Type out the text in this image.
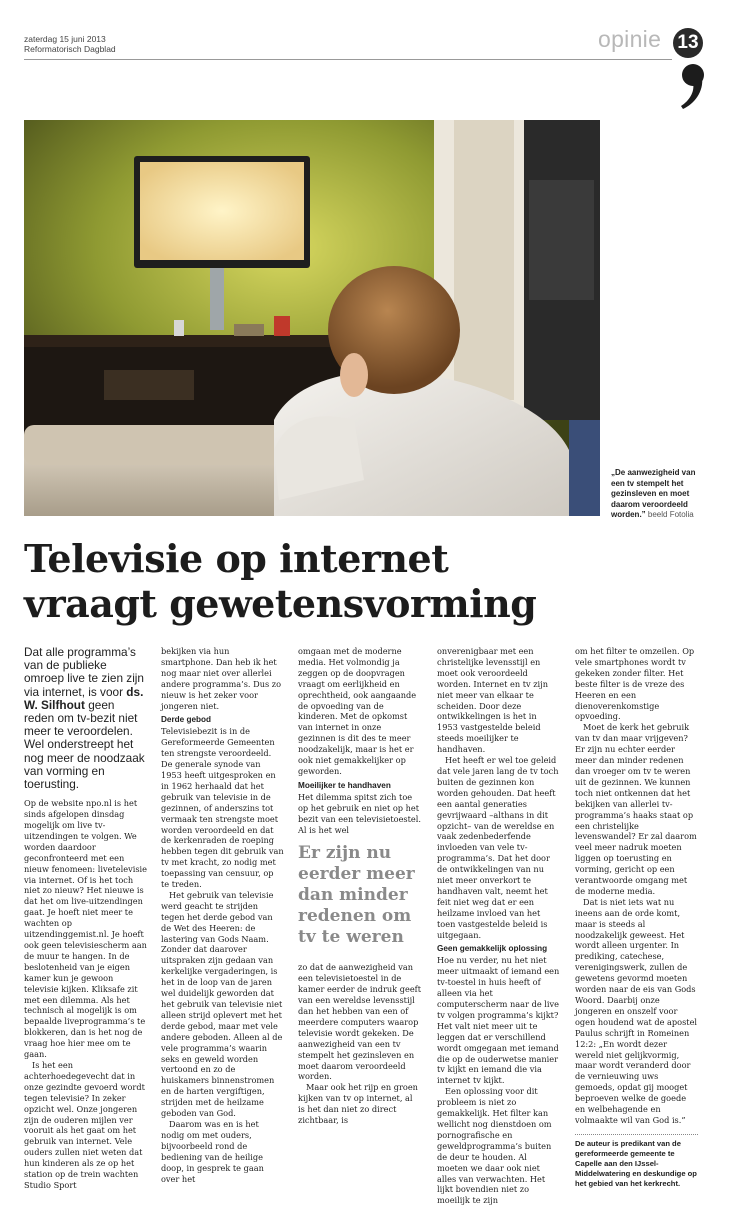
zaterdag 15 juni 2013
Reformatorisch Dagblad	opinie 13
„De aanwezigheid van een tv stempelt het gezinsleven en moet daarom veroordeeld worden.” beeld Fotolia
Televisie op internet
vraagt gewetensvorming

Dat alle programma’s van de publieke omroep live te zien zijn via internet, is voor ds. W. Silfhout geen reden om tv-bezit niet meer te veroordelen. Wel onderstreept het nog meer de noodzaak van vorming en toerusting.

Op de website npo.nl is het sinds afgelopen dinsdag mogelijk om live tv-uitzendingen te volgen. We worden daardoor geconfronteerd met een nieuw fenomeen: livetelevisie via internet. Of is het toch niet zo nieuw? Het nieuwe is dat het om live-uitzendingen gaat. Je hoeft niet meer te wachten op uitzendinggemist.nl. Je hoeft ook geen televisiescherm aan de muur te hangen. In de beslotenheid van je eigen kamer kun je gewoon televisie kijken. Kliksafe zit met een dilemma. Als het technisch al mogelijk is om bepaalde liveprogramma’s te blokkeren, dan is het nog de vraag hoe hier mee om te gaan.

Is het een achterhoedegevecht dat in onze gezindte gevoerd wordt tegen televisie? In zeker opzicht wel. Onze jongeren zijn de ouderen mijlen ver vooruit als het gaat om het gebruik van internet. Vele ouders zullen niet weten dat hun kinderen als ze op het station op de trein wachten Studio Sport

bekijken via hun smartphone. Dan heb ik het nog maar niet over allerlei andere programma’s. Dus zo nieuw is het zeker voor jongeren niet.

Derde gebod

Televisiebezit is in de Gereformeerde Gemeenten ten strengste veroordeeld. De generale synode van 1953 heeft uitgesproken en in 1962 herhaald dat het gebruik van televisie in de gezinnen, of anderszins tot vermaak ten strengste moet worden veroordeeld en dat de kerkenraden de roeping hebben tegen dit gebruik van tv met kracht, zo nodig met toepassing van censuur, op te treden.

Het gebruik van televisie werd geacht te strijden tegen het derde gebod van de Wet des Heeren: de lastering van Gods Naam. Zonder dat daarover uitspraken zijn gedaan van kerkelijke vergaderingen, is het in de loop van de jaren wel duidelijk geworden dat het gebruik van televisie niet alleen strijd oplevert met het derde gebod, maar met vele andere geboden. Alleen al de vele programma’s waarin seks en geweld worden vertoond en zo de huiskamers binnenstromen en de harten vergiftigen, strijden met de heilzame geboden van God.

Daarom was en is het nodig om met ouders, bijvoorbeeld rond de bediening van de heilige doop, in gesprek te gaan over het

omgaan met de moderne media. Het volmondig ja zeggen op de doopvragen vraagt om eerlijkheid en oprechtheid, ook aangaande de opvoeding van de kinderen. Met de opkomst van internet in onze gezinnen is dit des te meer noodzakelijk, maar is het er ook niet gemakkelijker op geworden.

Moeilijker te handhaven

Het dilemma spitst zich toe op het gebruik en niet op het bezit van een televisietoestel. Al is het wel

Er zijn nu eerder meer dan minder redenen om tv te weren

zo dat de aanwezigheid van een televisietoestel in de kamer eerder de indruk geeft van een wereldse levensstijl dan het hebben van een of meerdere computers waarop televisie wordt gekeken. De aanwezigheid van een tv stempelt het gezinsleven en moet daarom veroordeeld worden.

Maar ook het rijp en groen kijken van tv op internet, al is het dan niet zo direct zichtbaar, is

onverenigbaar met een christelijke levensstijl en moet ook veroordeeld worden. Internet en tv zijn niet meer van elkaar te scheiden. Door deze ontwikkelingen is het in 1953 vastgestelde beleid steeds moeilijker te handhaven.

Het heeft er wel toe geleid dat vele jaren lang de tv toch buiten de gezinnen kon worden gehouden. Dat heeft een aantal generaties gevrijwaard –althans in dit opzicht– van de wereldse en vaak zedenbederfende invloeden van vele tv-programma’s. Dat het door de ontwikkelingen van nu niet meer onverkort te handhaven valt, neemt het feit niet weg dat er een heilzame invloed van het toen vastgestelde beleid is uitgegaan.

Geen gemakkelijk oplossing

Hoe nu verder, nu het niet meer uitmaakt of iemand een tv-toestel in huis heeft of alleen via het computerscherm naar de live tv volgen programma’s kijkt? Het valt niet meer uit te leggen dat er verschillend wordt omgegaan met iemand die op de ouderwetse manier tv kijkt en iemand die via internet tv kijkt.

Een oplossing voor dit probleem is niet zo gemakkelijk. Het filter kan wellicht nog dienstdoen om pornografische en geweldprogramma’s buiten de deur te houden. Al moeten we daar ook niet alles van verwachten. Het lijkt bovendien niet zo moeilijk te zijn

om het filter te omzeilen. Op vele smartphones wordt tv gekeken zonder filter. Het beste filter is de vreze des Heeren en een dienoverenkomstige opvoeding.

Moet de kerk het gebruik van tv dan maar vrijgeven? Er zijn nu echter eerder meer dan minder redenen dan vroeger om tv te weren uit de gezinnen. We kunnen toch niet ontkennen dat het bekijken van allerlei tv-programma’s haaks staat op een christelijke levenswandel? Er zal daarom veel meer nadruk moeten liggen op toerusting en vorming, gericht op een verantwoorde omgang met de moderne media.

Dat is niet iets wat nu ineens aan de orde komt, maar is steeds al noodzakelijk geweest. Het wordt alleen urgenter. In prediking, catechese, verenigingswerk, zullen de gewetens gevormd moeten worden naar de eis van Gods Woord. Daarbij onze jongeren en onszelf voor ogen houdend wat de apostel Paulus schrijft in Romeinen 12:2: „En wordt dezer wereld niet gelijkvormig, maar wordt veranderd door de vernieuwing uws gemoeds, opdat gij mooget beproeven welke de goede en welbehagende en volmaakte wil van God is.”

De auteur is predikant van de gereformeerde gemeente te Capelle aan den IJssel-Middelwatering en deskundige op het gebied van het kerkrecht.
